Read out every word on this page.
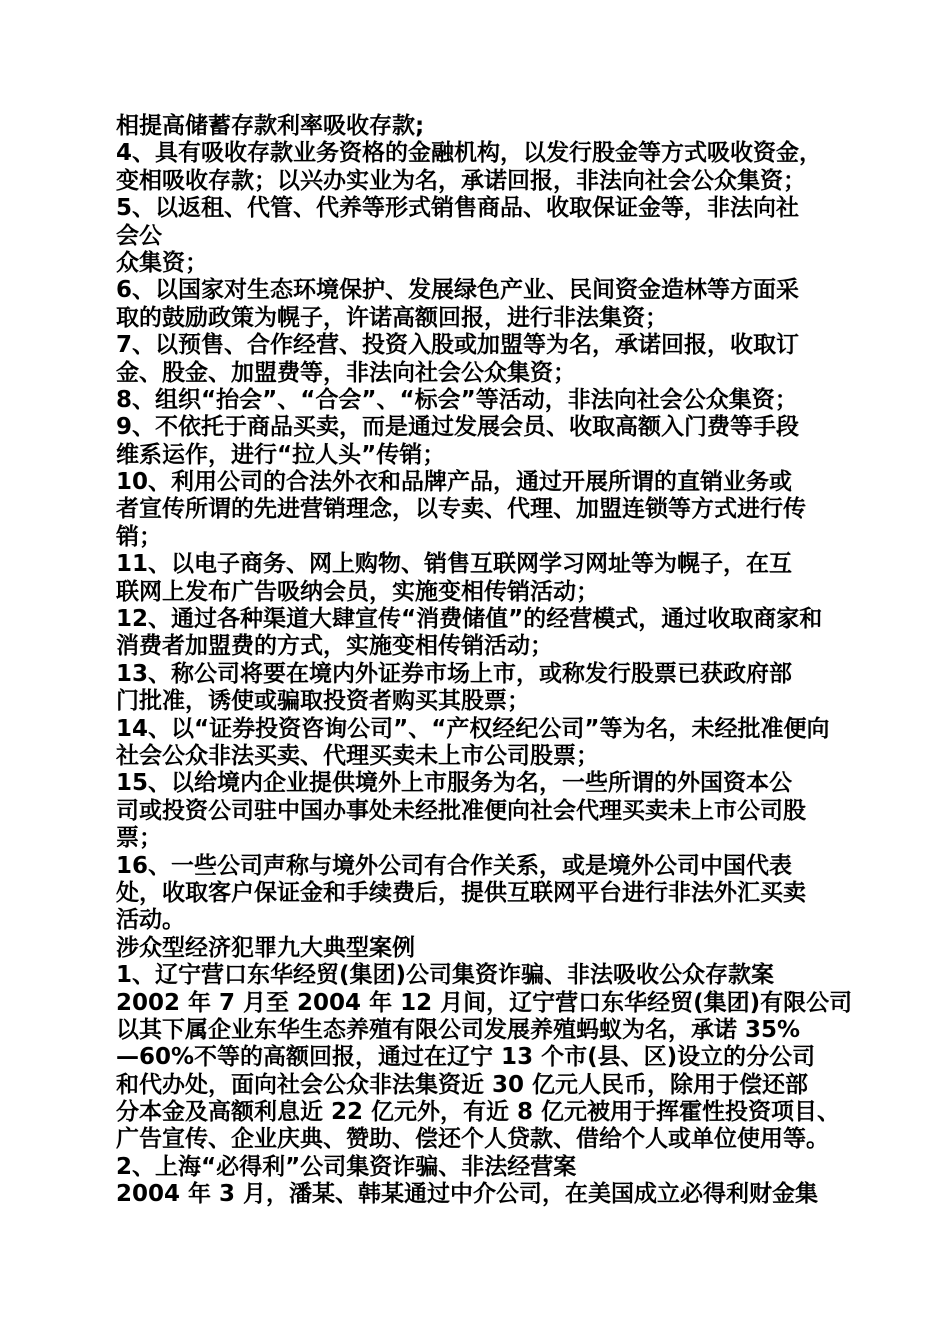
相提高储蓄存款利率吸收存款;
4、具有吸收存款业务资格的金融机构，以发行股金等方式吸收资金，
变相吸收存款；以兴办实业为名，承诺回报，非法向社会公众集资；
5、以返租、代管、代养等形式销售商品、收取保证金等，非法向社
会公
众集资；
6、以国家对生态环境保护、发展绿色产业、民间资金造林等方面采
取的鼓励政策为幌子，许诺高额回报，进行非法集资；
7、以预售、合作经营、投资入股或加盟等为名，承诺回报，收取订
金、股金、加盟费等，非法向社会公众集资；
8、组织“抬会”、“合会”、“标会”等活动，非法向社会公众集资；
9、不依托于商品买卖，而是通过发展会员、收取高额入门费等手段
维系运作，进行“拉人头”传销；
10、利用公司的合法外衣和品牌产品，通过开展所谓的直销业务或
者宣传所谓的先进营销理念，以专卖、代理、加盟连锁等方式进行传
销；
11、以电子商务、网上购物、销售互联网学习网址等为幌子，在互
联网上发布广告吸纳会员，实施变相传销活动；
12、通过各种渠道大肆宣传“消费储值”的经营模式，通过收取商家和
消费者加盟费的方式，实施变相传销活动；
13、称公司将要在境内外证券市场上市，或称发行股票已获政府部
门批准，诱使或骗取投资者购买其股票；
14、以“证券投资咨询公司”、“产权经纪公司”等为名，未经批准便向
社会公众非法买卖、代理买卖未上市公司股票；
15、以给境内企业提供境外上市服务为名，一些所谓的外国资本公
司或投资公司驻中国办事处未经批准便向社会代理买卖未上市公司股
票；
16、一些公司声称与境外公司有合作关系，或是境外公司中国代表
处，收取客户保证金和手续费后，提供互联网平台进行非法外汇买卖
活动。
涉众型经济犯罪九大典型案例
1、辽宁营口东华经贸(集团)公司集资诈骗、非法吸收公众存款案
2002 年 7 月至 2004 年 12 月间，辽宁营口东华经贸(集团)有限公司
以其下属企业东华生态养殖有限公司发展养殖蚂蚁为名，承诺 35%
—60%不等的高额回报，通过在辽宁 13 个市(县、区)设立的分公司
和代办处，面向社会公众非法集资近 30 亿元人民币，除用于偿还部
分本金及高额利息近 22 亿元外，有近 8 亿元被用于挥霍性投资项目、
广告宣传、企业庆典、赞助、偿还个人贷款、借给个人或单位使用等。
2、上海“必得利”公司集资诈骗、非法经营案
2004 年 3 月，潘某、韩某通过中介公司，在美国成立必得利财金集
